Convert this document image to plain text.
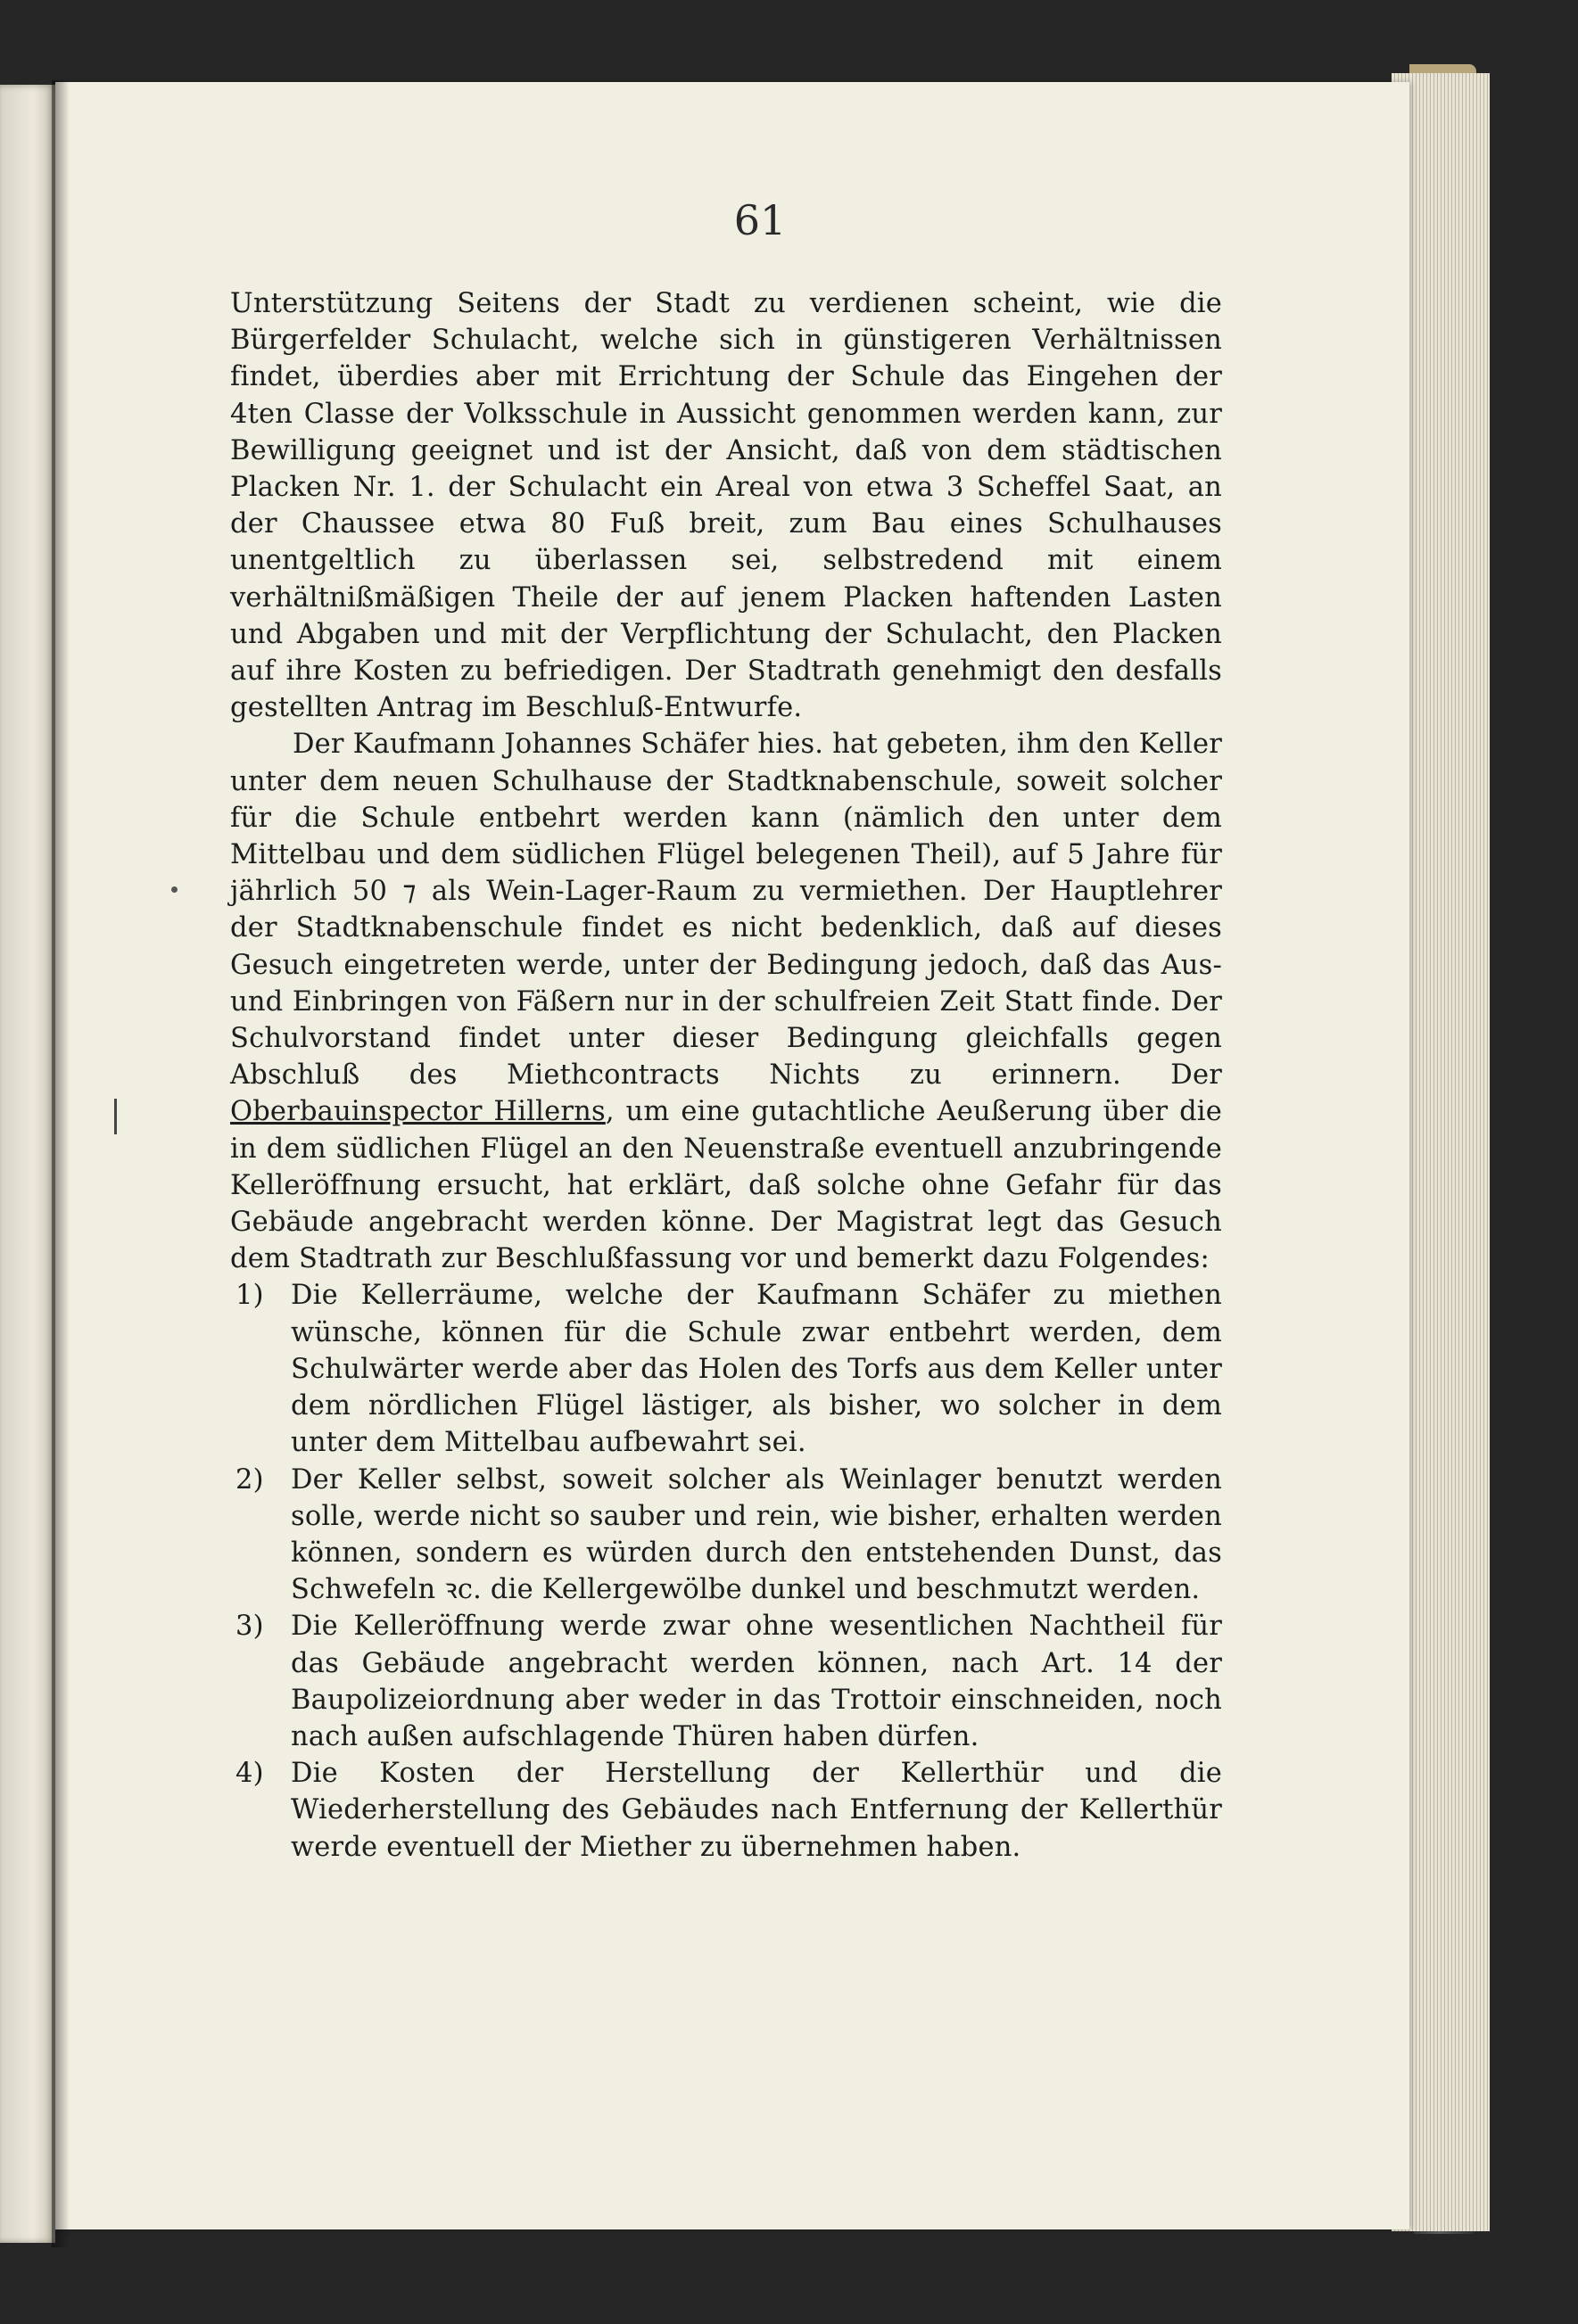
61

Unterstützung Seitens der Stadt zu verdienen scheint, wie die Bürgerfelder Schulacht, welche sich in günstigeren Verhältnissen findet, überdies aber mit Errichtung der Schule das Eingehen der 4ten Classe der Volksschule in Aussicht genommen werden kann, zur Bewilligung geeignet und ist der Ansicht, daß von dem städtischen Placken Nr. 1. der Schulacht ein Areal von etwa 3 Scheffel Saat, an der Chaussee etwa 80 Fuß breit, zum Bau eines Schulhauses unentgeltlich zu überlassen sei, selbstredend mit einem verhältnißmäßigen Theile der auf jenem Placken haftenden Lasten und Abgaben und mit der Verpflichtung der Schulacht, den Placken auf ihre Kosten zu befriedigen. Der Stadtrath genehmigt den desfalls gestellten Antrag im Beschluß-Entwurfe.

Der Kaufmann Johannes Schäfer hies. hat gebeten, ihm den Keller unter dem neuen Schulhause der Stadtknabenschule, soweit solcher für die Schule entbehrt werden kann (nämlich den unter dem Mittelbau und dem südlichen Flügel belegenen Theil), auf 5 Jahre für jährlich 50 ⁊ als Wein-Lager-Raum zu vermiethen. Der Hauptlehrer der Stadtknabenschule findet es nicht bedenklich, daß auf dieses Gesuch eingetreten werde, unter der Bedingung jedoch, daß das Aus- und Einbringen von Fäßern nur in der schulfreien Zeit Statt finde. Der Schulvorstand findet unter dieser Bedingung gleichfalls gegen Abschluß des Miethcontracts Nichts zu erinnern. Der Oberbauinspector Hillerns, um eine gutachtliche Aeußerung über die in dem südlichen Flügel an den Neuenstraße eventuell anzubringende Kelleröffnung ersucht, hat erklärt, daß solche ohne Gefahr für das Gebäude angebracht werden könne. Der Magistrat legt das Gesuch dem Stadtrath zur Beschlußfassung vor und bemerkt dazu Folgendes:

1) Die Kellerräume, welche der Kaufmann Schäfer zu miethen wünsche, können für die Schule zwar entbehrt werden, dem Schulwärter werde aber das Holen des Torfs aus dem Keller unter dem nördlichen Flügel lästiger, als bisher, wo solcher in dem unter dem Mittelbau aufbewahrt sei.
2) Der Keller selbst, soweit solcher als Weinlager benutzt werden solle, werde nicht so sauber und rein, wie bisher, erhalten werden können, sondern es würden durch den entstehenden Dunst, das Schwefeln ꝛc. die Kellergewölbe dunkel und beschmutzt werden.
3) Die Kelleröffnung werde zwar ohne wesentlichen Nachtheil für das Gebäude angebracht werden können, nach Art. 14 der Baupolizeiordnung aber weder in das Trottoir einschneiden, noch nach außen aufschlagende Thüren haben dürfen.
4) Die Kosten der Herstellung der Kellerthür und die Wiederherstellung des Gebäudes nach Entfernung der Kellerthür werde eventuell der Miether zu übernehmen haben.
